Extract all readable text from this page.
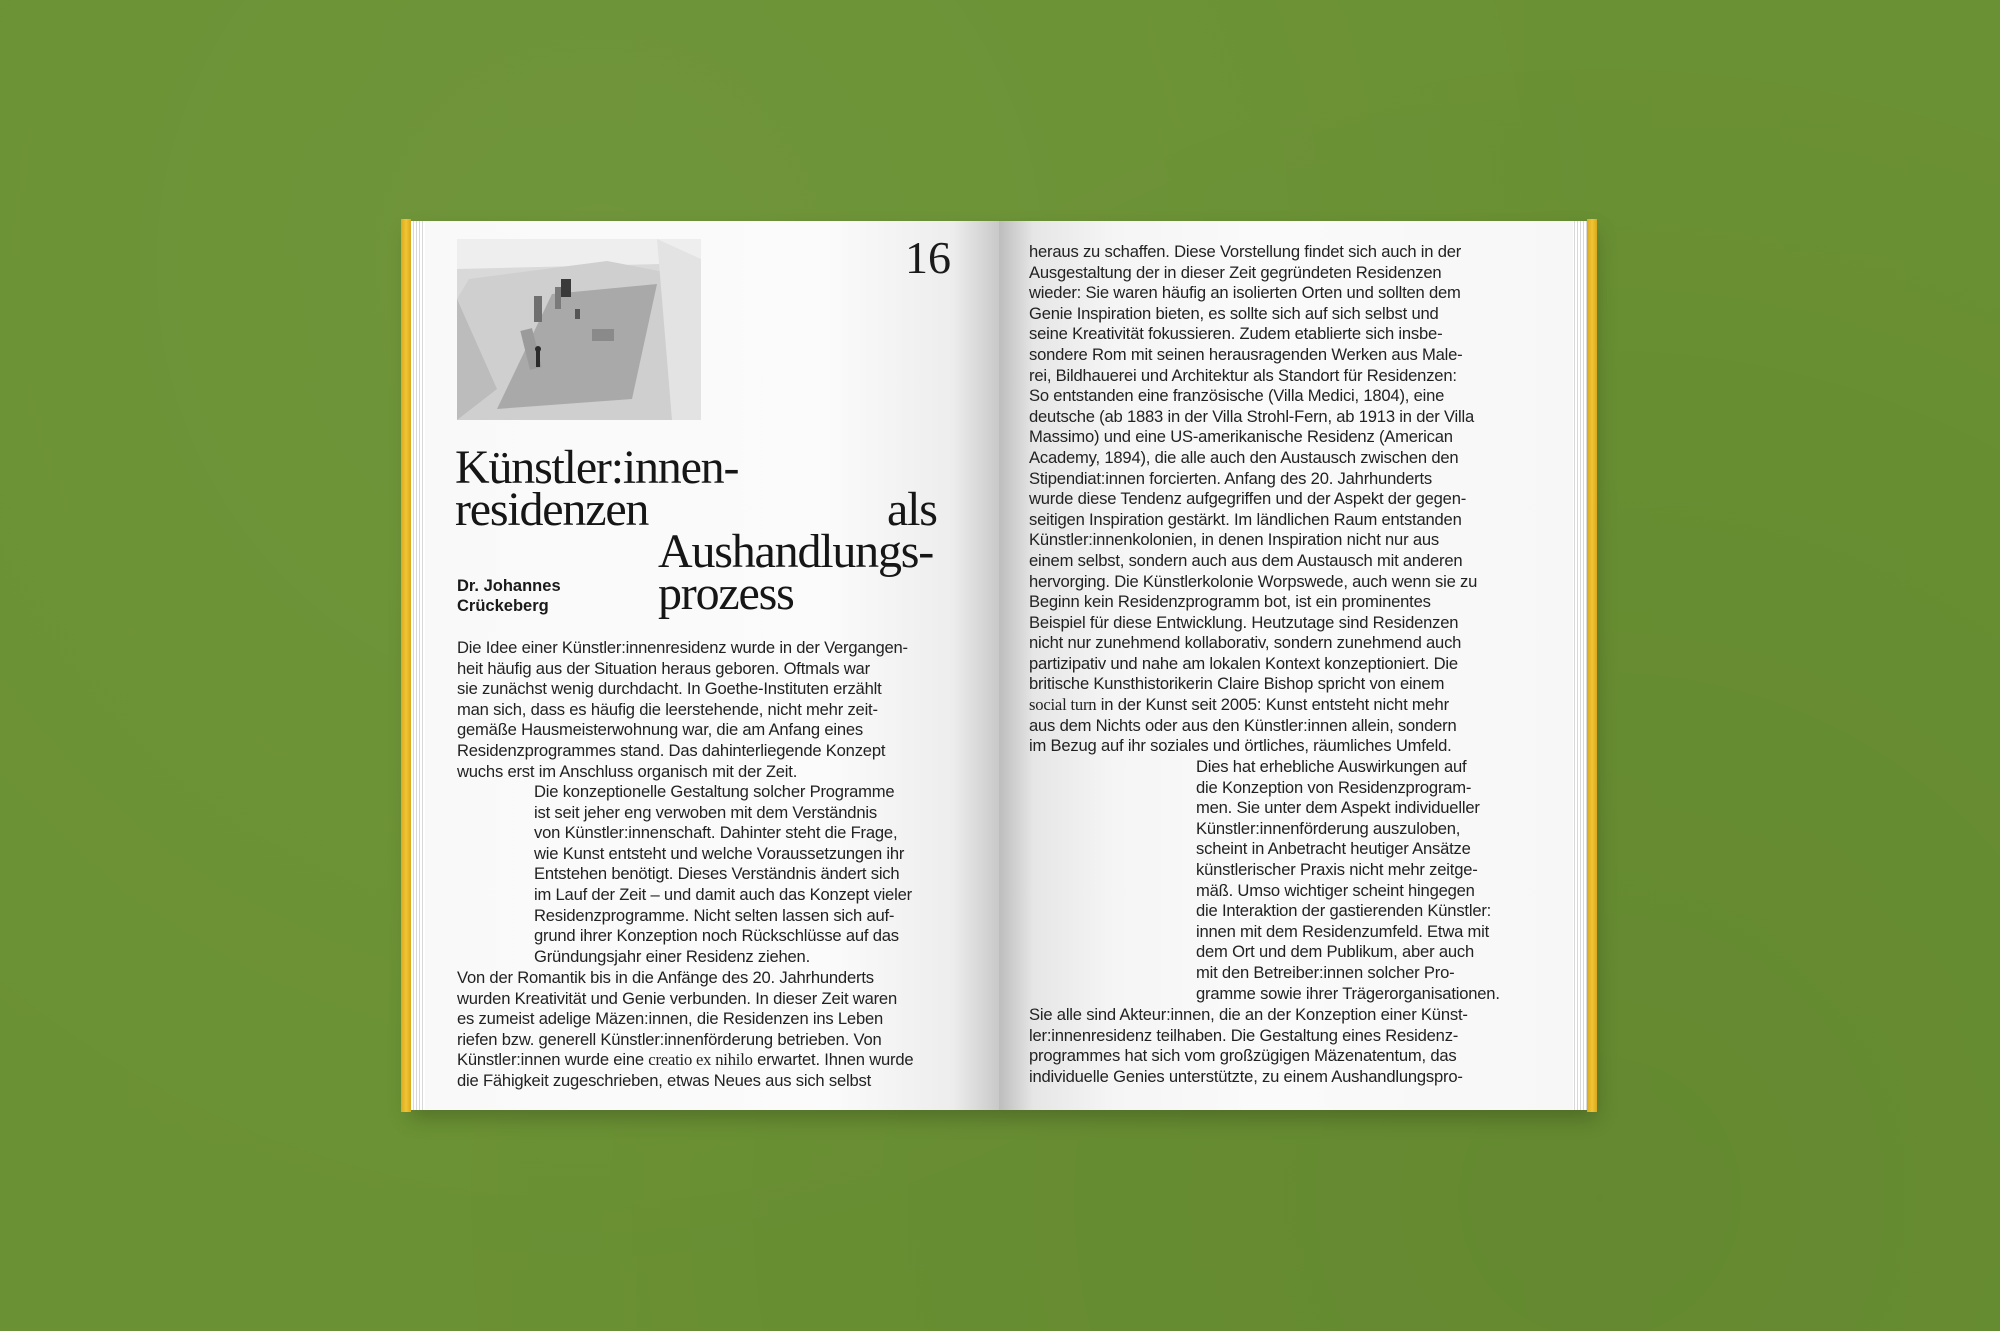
16
Künstler:innen-
residenzen	als
Aushandlungs-
prozess
Dr. Johannes
Crückeberg
Die Idee einer Künstler:innenresidenz wurde in der Vergangen-
heit häufig aus der Situation heraus geboren. Oftmals war
sie zunächst wenig durchdacht. In Goethe-Instituten erzählt
man sich, dass es häufig die leerstehende, nicht mehr zeit-
gemäße Hausmeisterwohnung war, die am Anfang eines
Residenzprogrammes stand. Das dahinterliegende Konzept
wuchs erst im Anschluss organisch mit der Zeit.
Die konzeptionelle Gestaltung solcher Programme
ist seit jeher eng verwoben mit dem Verständnis
von Künstler:innenschaft. Dahinter steht die Frage,
wie Kunst entsteht und welche Voraussetzungen ihr
Entstehen benötigt. Dieses Verständnis ändert sich
im Lauf der Zeit – und damit auch das Konzept vieler
Residenzprogramme. Nicht selten lassen sich auf-
grund ihrer Konzeption noch Rückschlüsse auf das
Gründungsjahr einer Residenz ziehen.
Von der Romantik bis in die Anfänge des 20. Jahrhunderts
wurden Kreativität und Genie verbunden. In dieser Zeit waren
es zumeist adelige Mäzen:innen, die Residenzen ins Leben
riefen bzw. generell Künstler:innenförderung betrieben. Von
Künstler:innen wurde eine creatio ex nihilo erwartet. Ihnen wurde
die Fähigkeit zugeschrieben, etwas Neues aus sich selbst
heraus zu schaffen. Diese Vorstellung findet sich auch in der
Ausgestaltung der in dieser Zeit gegründeten Residenzen
wieder: Sie waren häufig an isolierten Orten und sollten dem
Genie Inspiration bieten, es sollte sich auf sich selbst und
seine Kreativität fokussieren. Zudem etablierte sich insbe-
sondere Rom mit seinen herausragenden Werken aus Male-
rei, Bildhauerei und Architektur als Standort für Residenzen:
So entstanden eine französische (Villa Medici, 1804), eine
deutsche (ab 1883 in der Villa Strohl-Fern, ab 1913 in der Villa
Massimo) und eine US-amerikanische Residenz (American
Academy, 1894), die alle auch den Austausch zwischen den
Stipendiat:innen forcierten. Anfang des 20. Jahrhunderts
wurde diese Tendenz aufgegriffen und der Aspekt der gegen-
seitigen Inspiration gestärkt. Im ländlichen Raum entstanden
Künstler:innenkolonien, in denen Inspiration nicht nur aus
einem selbst, sondern auch aus dem Austausch mit anderen
hervorging. Die Künstlerkolonie Worpswede, auch wenn sie zu
Beginn kein Residenzprogramm bot, ist ein prominentes
Beispiel für diese Entwicklung. Heutzutage sind Residenzen
nicht nur zunehmend kollaborativ, sondern zunehmend auch
partizipativ und nahe am lokalen Kontext konzeptioniert. Die
britische Kunsthistorikerin Claire Bishop spricht von einem
social turn in der Kunst seit 2005: Kunst entsteht nicht mehr
aus dem Nichts oder aus den Künstler:innen allein, sondern
im Bezug auf ihr soziales und örtliches, räumliches Umfeld.
Dies hat erhebliche Auswirkungen auf
die Konzeption von Residenzprogram-
men. Sie unter dem Aspekt individueller
Künstler:innenförderung auszuloben,
scheint in Anbetracht heutiger Ansätze
künstlerischer Praxis nicht mehr zeitge-
mäß. Umso wichtiger scheint hingegen
die Interaktion der gastierenden Künstler:
innen mit dem Residenzumfeld. Etwa mit
dem Ort und dem Publikum, aber auch
mit den Betreiber:innen solcher Pro-
gramme sowie ihrer Trägerorganisationen.
Sie alle sind Akteur:innen, die an der Konzeption einer Künst-
ler:innenresidenz teilhaben. Die Gestaltung eines Residenz-
programmes hat sich vom großzügigen Mäzenatentum, das
individuelle Genies unterstützte, zu einem Aushandlungspro-
